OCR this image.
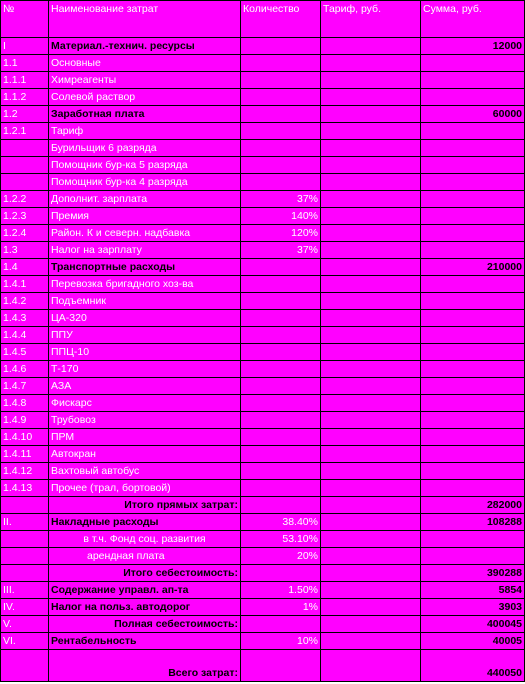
№	Наименование затрат	Количество	Тариф, руб.	Сумма, руб.
I	Материал.-технич. ресурсы			12000
1.1	Основные			
1.1.1	Химреагенты			
1.1.2	Солевой раствор			
1.2	Заработная плата			60000
1.2.1	Тариф			
	Бурильщик 6 разряда			
	Помощник бур-ка 5 разряда			
	Помощник бур-ка 4 разряда			
1.2.2	Дополнит. зарплата	37%		
1.2.3	Премия	140%		
1.2.4	Район. К и северн. надбавка	120%		
1.3	Налог на зарплату	37%		
1.4	Транспортные расходы			210000
1.4.1	Перевозка бригадного хоз-ва			
1.4.2	Подъемник			
1.4.3	ЦА-320			
1.4.4	ППУ			
1.4.5	ППЦ-10			
1.4.6	Т-170			
1.4.7	АЗА			
1.4.8	Фискарс			
1.4.9	Трубовоз			
1.4.10	ПРМ			
1.4.11	Автокран			
1.4.12	Вахтовый автобус			
1.4.13	Прочее (трал, бортовой)			
	Итого прямых затрат:			282000
II.	Накладные расходы	38.40%		108288
	в т.ч. Фонд соц. развития	53.10%		
	арендная плата	20%		
	Итого себестоимость:			390288
III.	Содержание управл. ап-та	1.50%		5854
IV.	Налог на польз. автодорог	1%		3903
V.	Полная себестоимость:			400045
VI.	Рентабельность	10%		40005
	Всего затрат:			440050
